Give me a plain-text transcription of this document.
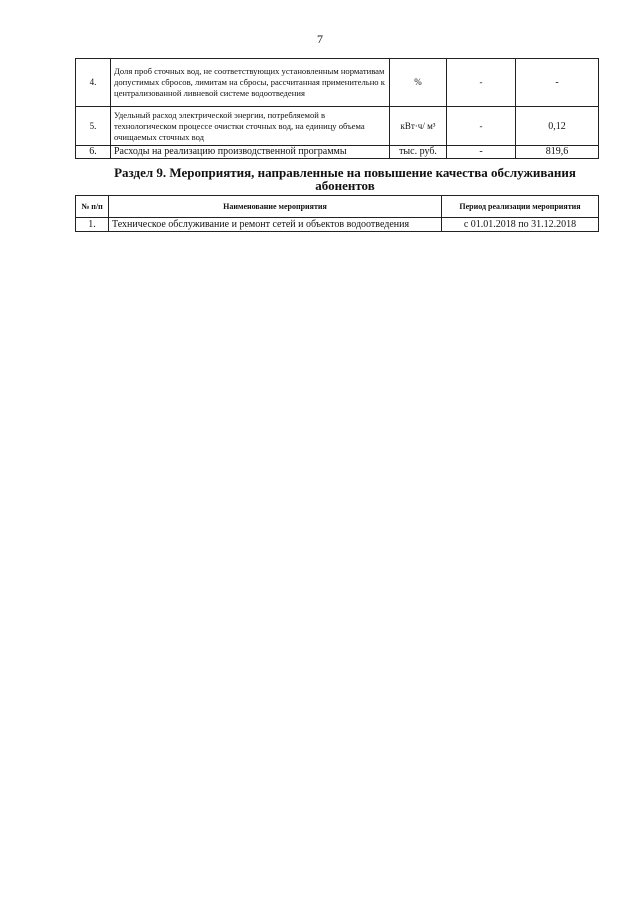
7
4.	Доля проб сточных вод, не соответствующих установленным нормативам допустимых сбросов, лимитам на сбросы, рассчитанная применительно к централизованной ливневой системе водоотведения	%	-	-
5.	Удельный расход электрической энергии, потребляемой в технологическом процессе очистки сточных вод, на единицу объема очищаемых сточных вод	кВт·ч/ м³	-	0,12
6.	Расходы на реализацию производственной программы	тыс. руб.	-	819,6
Раздел 9. Мероприятия, направленные на повышение качества обслуживания
абонентов
№ п/п	Наименование мероприятия	Период реализации мероприятия
1.	Техническое обслуживание и ремонт сетей и объектов водоотведения	с 01.01.2018 по 31.12.2018
